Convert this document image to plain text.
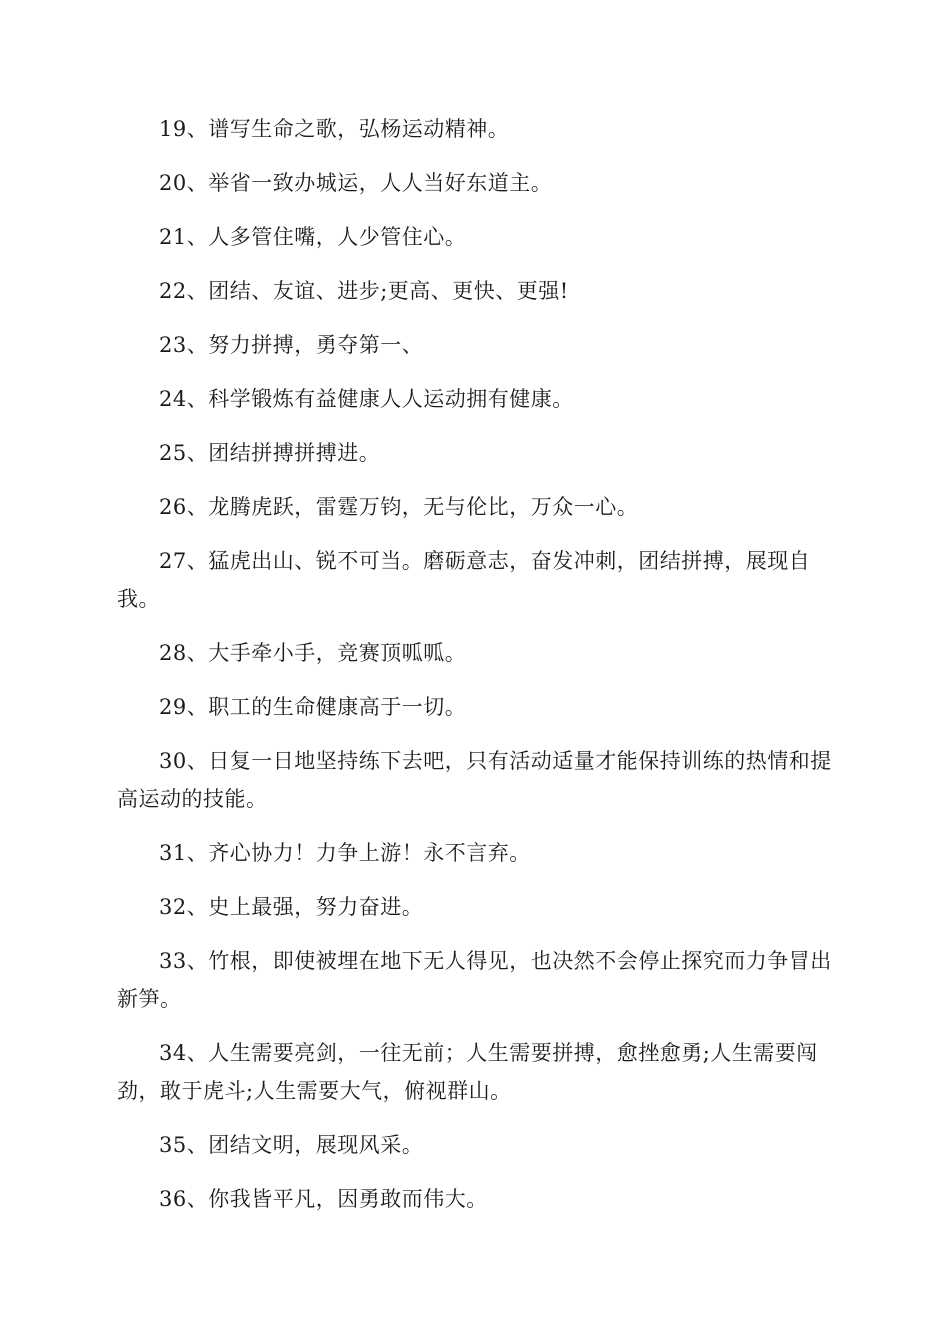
19、谱写生命之歌，弘杨运动精神。

20、举省一致办城运，人人当好东道主。

21、人多管住嘴，人少管住心。

22、团结、友谊、进步;更高、更快、更强!

23、努力拼搏，勇夺第一、

24、科学锻炼有益健康人人运动拥有健康。

25、团结拼搏拼搏进。

26、龙腾虎跃，雷霆万钧，无与伦比，万众一心。

27、猛虎出山、锐不可当。磨砺意志，奋发冲刺，团结拼搏，展现自我。

28、大手牵小手，竞赛顶呱呱。

29、职工的生命健康高于一切。

30、日复一日地坚持练下去吧，只有活动适量才能保持训练的热情和提高运动的技能。

31、齐心协力！力争上游！永不言弃。

32、史上最强，努力奋进。

33、竹根，即使被埋在地下无人得见，也决然不会停止探究而力争冒出新笋。

34、人生需要亮剑，一往无前；人生需要拼搏，愈挫愈勇;人生需要闯劲，敢于虎斗;人生需要大气，俯视群山。

35、团结文明，展现风采。

36、你我皆平凡，因勇敢而伟大。
